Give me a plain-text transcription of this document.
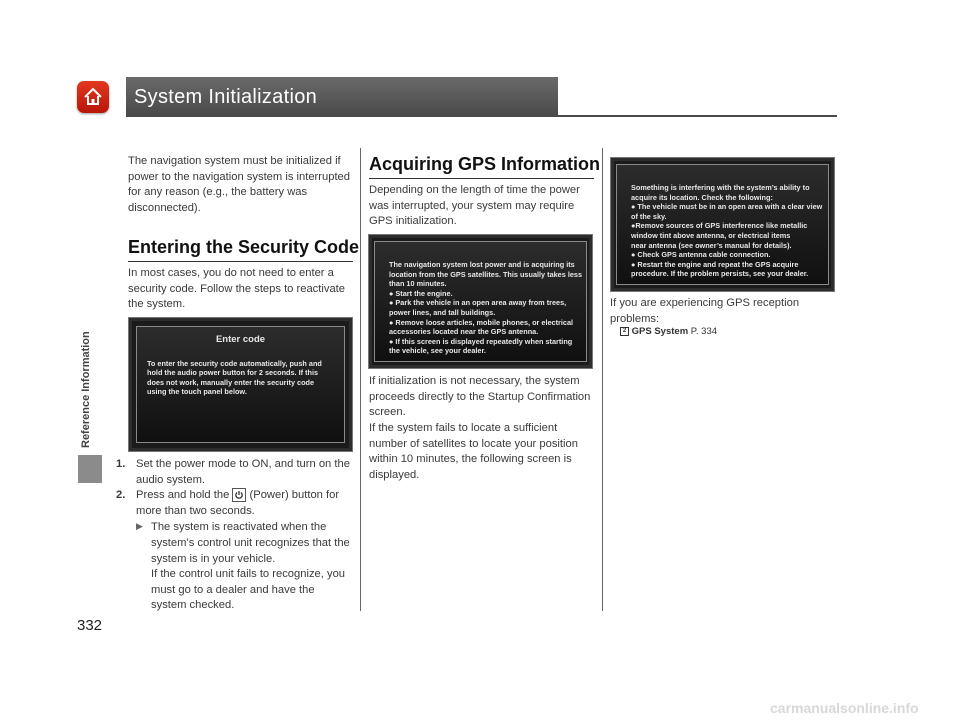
System Initialization
Reference Information
332

The navigation system must be initialized if power to the navigation system is interrupted for any reason (e.g., the battery was disconnected).

Entering the Security Code

In most cases, you do not need to enter a security code. Follow the steps to reactivate the system.

Enter code
To enter the security code automatically, push and hold the audio power button for 2 seconds. If this does not work, manually enter the security code using the touch panel below.

1. Set the power mode to ON, and turn on the audio system.

2. Press and hold the (Power) button for more than two seconds.

▶ The system is reactivated when the system’s control unit recognizes that the system is in your vehicle.

If the control unit fails to recognize, you must go to a dealer and have the system checked.

Acquiring GPS Information

Depending on the length of time the power was interrupted, your system may require GPS initialization.

The navigation system lost power and is acquiring its
location from the GPS satellites. This usually takes less
than 10 minutes.
● Start the engine.
● Park the vehicle in an open area away from trees,
power lines, and tall buildings.
● Remove loose articles, mobile phones, or electrical
accessories located near the GPS antenna.
● If this screen is displayed repeatedly when starting
the vehicle, see your dealer.

If initialization is not necessary, the system proceeds directly to the Startup Confirmation screen.

If the system fails to locate a sufficient number of satellites to locate your position within 10 minutes, the following screen is displayed.

Something is interfering with the system’s ability to
acquire its location. Check the following:
● The vehicle must be in an open area with a clear view
of the sky.
●Remove sources of GPS interference like metallic
window tint above antenna, or electrical items
near antenna (see owner’s manual for details).
● Check GPS antenna cable connection.
● Restart the engine and repeat the GPS acquire
procedure. If the problem persists, see your dealer.

If you are experiencing GPS reception problems:

2 GPS System P. 334
carmanualsonline.info
